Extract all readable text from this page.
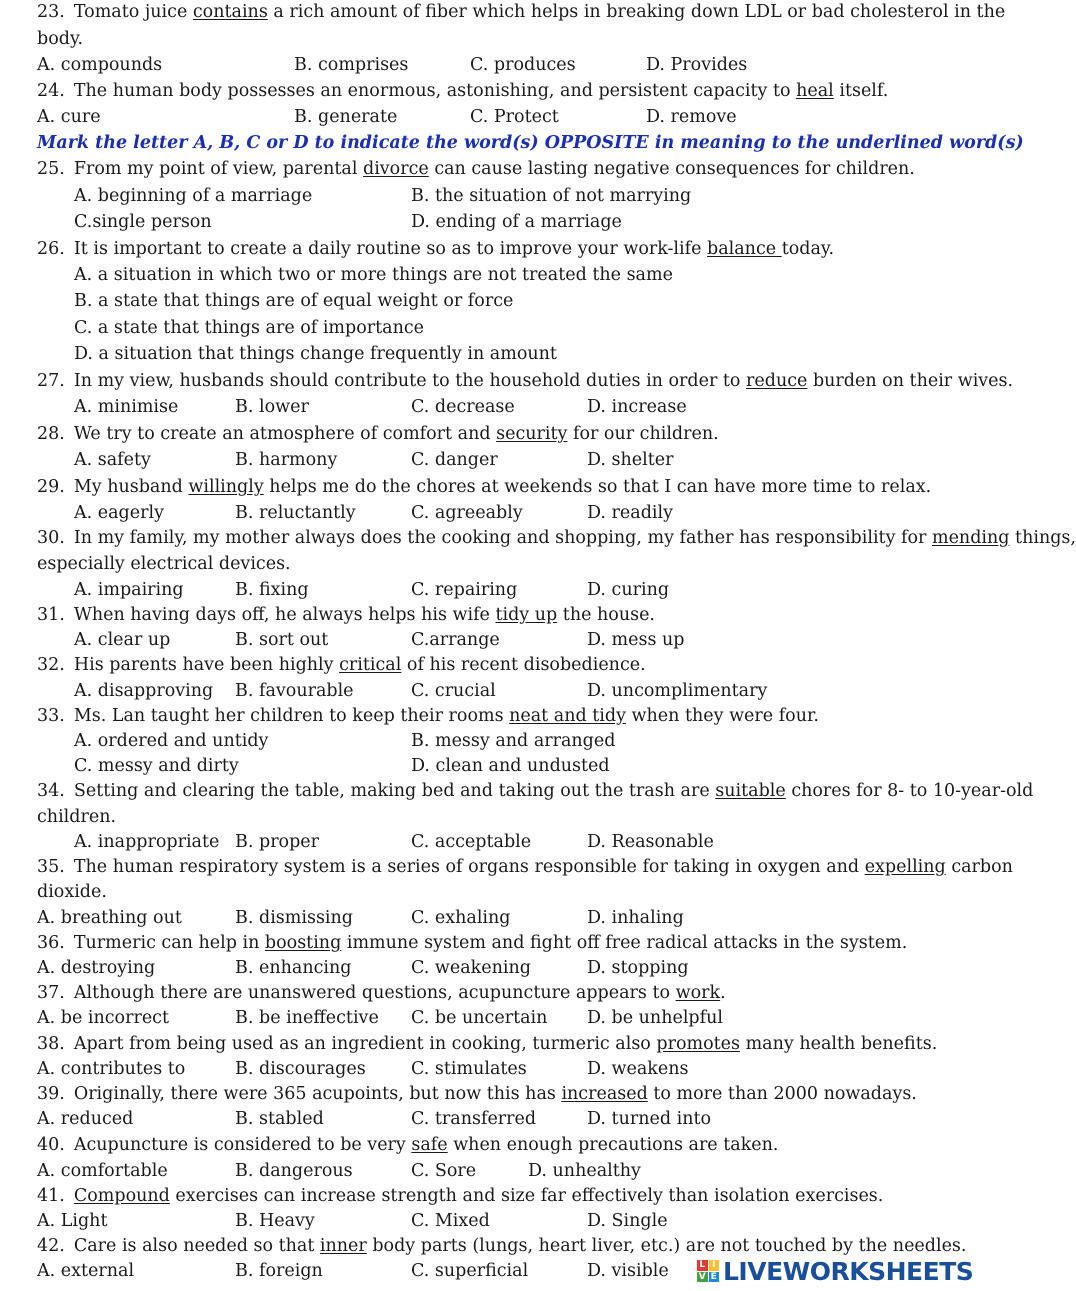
23. Tomato juice contains a rich amount of fiber which helps in breaking down LDL or bad cholesterol in the
body.
A. compounds	B. comprises	C. produces	D. Provides
24. The human body possesses an enormous, astonishing, and persistent capacity to heal itself.
A. cure	B. generate	C. Protect	D. remove
Mark the letter A, B, C or D to indicate the word(s) OPPOSITE in meaning to the underlined word(s)
25. From my point of view, parental divorce can cause lasting negative consequences for children.
A. beginning of a marriage	B. the situation of not marrying
C.single person	D. ending of a marriage
26. It is important to create a daily routine so as to improve your work-life balance today.
A. a situation in which two or more things are not treated the same
B. a state that things are of equal weight or force
C. a state that things are of importance
D. a situation that things change frequently in amount
27. In my view, husbands should contribute to the household duties in order to reduce burden on their wives.
A. minimise	B. lower	C. decrease	D. increase
28. We try to create an atmosphere of comfort and security for our children.
A. safety	B. harmony	C. danger	D. shelter
29. My husband willingly helps me do the chores at weekends so that I can have more time to relax.
A. eagerly	B. reluctantly	C. agreeably	D. readily
30. In my family, my mother always does the cooking and shopping, my father has responsibility for mending things,
especially electrical devices.
A. impairing	B. fixing	C. repairing	D. curing
31. When having days off, he always helps his wife tidy up the house.
A. clear up	B. sort out	C.arrange	D. mess up
32. His parents have been highly critical of his recent disobedience.
A. disapproving B. favourable	C. crucial	D. uncomplimentary
33. Ms. Lan taught her children to keep their rooms neat and tidy when they were four.
A. ordered and untidy	B. messy and arranged
C. messy and dirty	D. clean and undusted
34. Setting and clearing the table, making bed and taking out the trash are suitable chores for 8- to 10-year-old
children.
A. inappropriate B. proper	C. acceptable	D. Reasonable
35. The human respiratory system is a series of organs responsible for taking in oxygen and expelling carbon
dioxide.
A. breathing out	B. dismissing	C. exhaling	D. inhaling
36. Turmeric can help in boosting immune system and fight off free radical attacks in the system.
A. destroying	B. enhancing	C. weakening	D. stopping
37. Although there are unanswered questions, acupuncture appears to work.
A. be incorrect	B. be ineffective C. be uncertain D. be unhelpful
38. Apart from being used as an ingredient in cooking, turmeric also promotes many health benefits.
A. contributes to	B. discourages	C. stimulates	D. weakens
39. Originally, there were 365 acupoints, but now this has increased to more than 2000 nowadays.
A. reduced	B. stabled	C. transferred	D. turned into
40. Acupuncture is considered to be very safe when enough precautions are taken.
A. comfortable	B. dangerous	C. Sore	D. unhealthy
41. Compound exercises can increase strength and size far effectively than isolation exercises.
A. Light	B. Heavy	C. Mixed	D. Single
42. Care is also needed so that inner body parts (lungs, heart liver, etc.) are not touched by the needles.
A. external	B. foreign	C. superficial	D. visible	L I
V E LIVEWORKSHEETS
